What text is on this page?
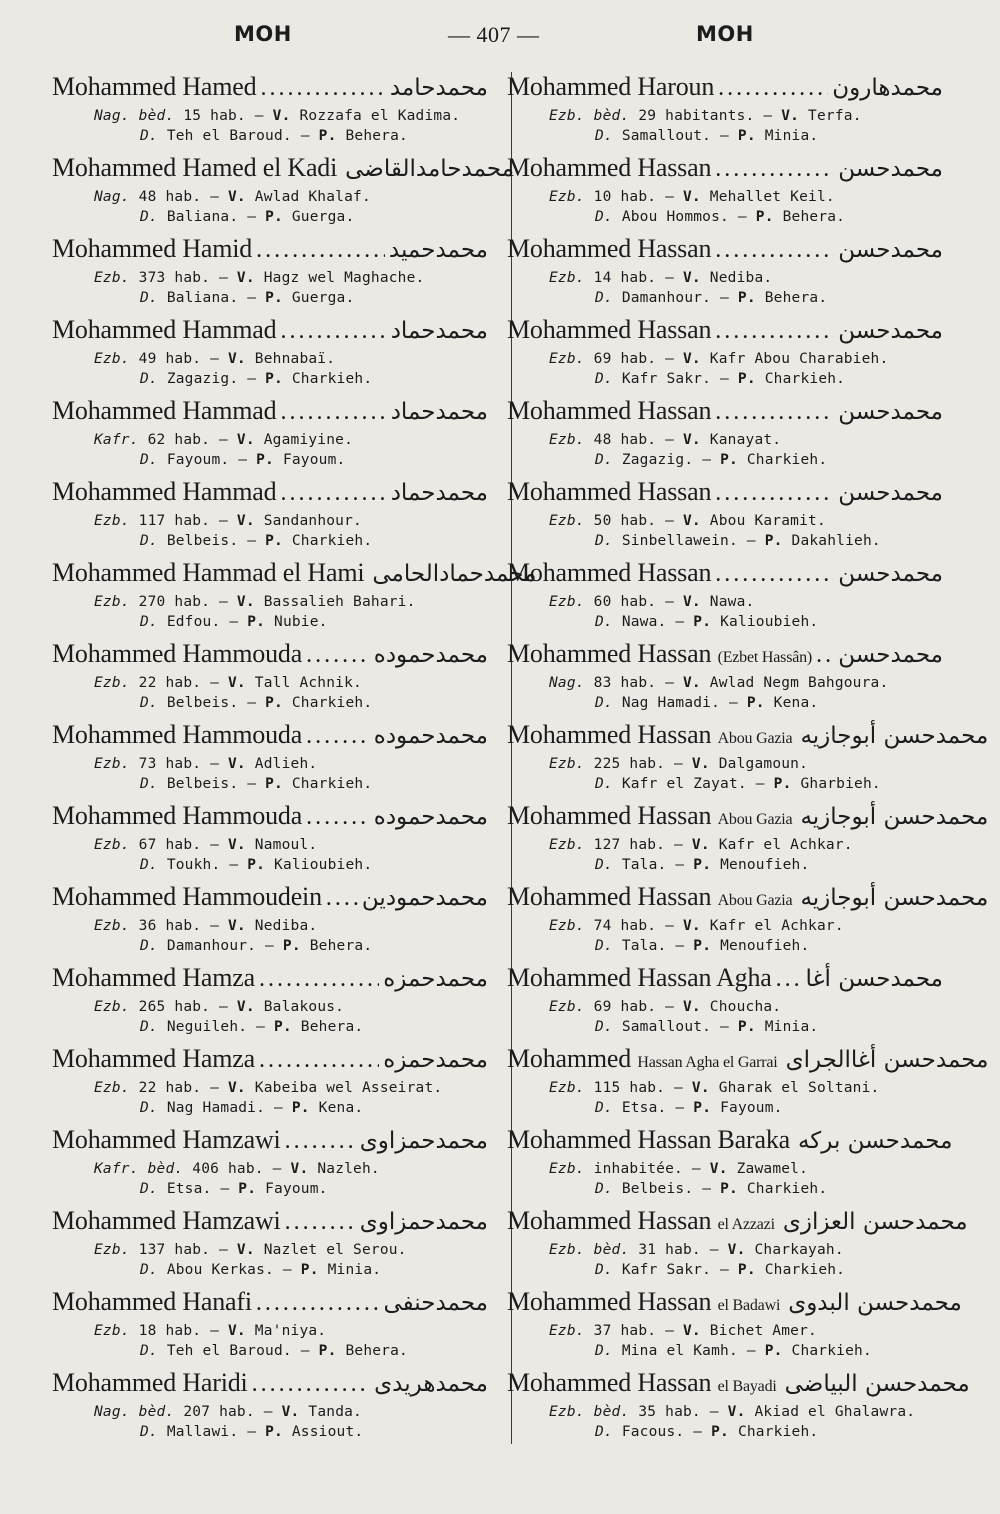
MOH	— 407 —	MOH
Mohammed Hamed .....	محمدحامد
Nag. bèd. 15 hab. — V. Rozzafa el Kadima.
D. Teh el Baroud. — P. Behera.
Mohammed Hamed el Kadi محمدحامدالقاضى
Nag. 48 hab. — V. Awlad Khalaf.
D. Baliana. — P. Guerga.
Mohammed Hamid .....	محمدحميد
Ezb. 373 hab. — V. Hagz wel Maghache.
D. Baliana. — P. Guerga.
Mohammed Hammad .....	محمدحماد
Ezb. 49 hab. — V. Behnabaï.
D. Zagazig. — P. Charkieh.
Mohammed Hammad .....	محمدحماد
Kafr. 62 hab. — V. Agamiyine.
D. Fayoum. — P. Fayoum.
Mohammed Hammad .....	محمدحماد
Ezb. 117 hab. — V. Sandanhour.
D. Belbeis. — P. Charkieh.
Mohammed Hammad el Hami محمدحمادالحامى
Ezb. 270 hab. — V. Bassalieh Bahari.
D. Edfou. — P. Nubie.
Mohammed Hammouda .....	محمدحموده
Ezb. 22 hab. — V. Tall Achnik.
D. Belbeis. — P. Charkieh.
Mohammed Hammouda .....	محمدحموده
Ezb. 73 hab. — V. Adlieh.
D. Belbeis. — P. Charkieh.
Mohammed Hammouda .....	محمدحموده
Ezb. 67 hab. — V. Namoul.
D. Toukh. — P. Kalioubieh.
Mohammed Hammoudein ..... محمدحمودين
Ezb. 36 hab. — V. Nediba.
D. Damanhour. — P. Behera.
Mohammed Hamza .....	محمدحمزه
Ezb. 265 hab. — V. Balakous.
D. Neguileh. — P. Behera.
Mohammed Hamza .....	محمدحمزه
Ezb. 22 hab. — V. Kabeiba wel Asseirat.
D. Nag Hamadi. — P. Kena.
Mohammed Hamzawi .....	محمدحمزاوى
Kafr. bèd. 406 hab. — V. Nazleh.
D. Etsa. — P. Fayoum.
Mohammed Hamzawi .....	محمدحمزاوى
Ezb. 137 hab. — V. Nazlet el Serou.
D. Abou Kerkas. — P. Minia.
Mohammed Hanafi .....	محمدحنفى
Ezb. 18 hab. — V. Ma'niya.
D. Teh el Baroud. — P. Behera.
Mohammed Haridi .....	محمدهريدى
Nag. bèd. 207 hab. — V. Tanda.
D. Mallawi. — P. Assiout.
Mohammed Haroun .....	محمدهارون
Ezb. bèd. 29 habitants. — V. Terfa.
D. Samallout. — P. Minia.
Mohammed Hassan .....	محمدحسن
Ezb. 10 hab. — V. Mehallet Keil.
D. Abou Hommos. — P. Behera.
Mohammed Hassan .....	محمدحسن
Ezb. 14 hab. — V. Nediba.
D. Damanhour. — P. Behera.
Mohammed Hassan .....	محمدحسن
Ezb. 69 hab. — V. Kafr Abou Charabieh.
D. Kafr Sakr. — P. Charkieh.
Mohammed Hassan .....	محمدحسن
Ezb. 48 hab. — V. Kanayat.
D. Zagazig. — P. Charkieh.
Mohammed Hassan .....	محمدحسن
Ezb. 50 hab. — V. Abou Karamit.
D. Sinbellawein. — P. Dakahlieh.
Mohammed Hassan .....	محمدحسن
Ezb. 60 hab. — V. Nawa.
D. Nawa. — P. Kalioubieh.
Mohammed Hassan (Ezbet Hassân) ..... محمدحسن
Nag. 83 hab. — V. Awlad Negm Bahgoura.
D. Nag Hamadi. — P. Kena.
Mohammed Hassan Abou Gazia محمدحسن أبوجازيه
Ezb. 225 hab. — V. Dalgamoun.
D. Kafr el Zayat. — P. Gharbieh.
Mohammed Hassan Abou Gazia محمدحسن أبوجازيه
Ezb. 127 hab. — V. Kafr el Achkar.
D. Tala. — P. Menoufieh.
Mohammed Hassan Abou Gazia محمدحسن أبوجازيه
Ezb. 74 hab. — V. Kafr el Achkar.
D. Tala. — P. Menoufieh.
Mohammed Hassan Agha ..... محمدحسن أغا
Ezb. 69 hab. — V. Choucha.
D. Samallout. — P. Minia.
Mohammed Hassan Agha el Garrai محمدحسن أغاالجراى
Ezb. 115 hab. — V. Gharak el Soltani.
D. Etsa. — P. Fayoum.
Mohammed Hassan Baraka محمدحسن بركه
Ezb. inhabitée. — V. Zawamel.
D. Belbeis. — P. Charkieh.
Mohammed Hassan el Azzazi محمدحسن العزازى
Ezb. bèd. 31 hab. — V. Charkayah.
D. Kafr Sakr. — P. Charkieh.
Mohammed Hassan el Badawi محمدحسن البدوى
Ezb. 37 hab. — V. Bichet Amer.
D. Mina el Kamh. — P. Charkieh.
Mohammed Hassan el Bayadi محمدحسن البياضى
Ezb. bèd. 35 hab. — V. Akiad el Ghalawra.
D. Facous. — P. Charkieh.
